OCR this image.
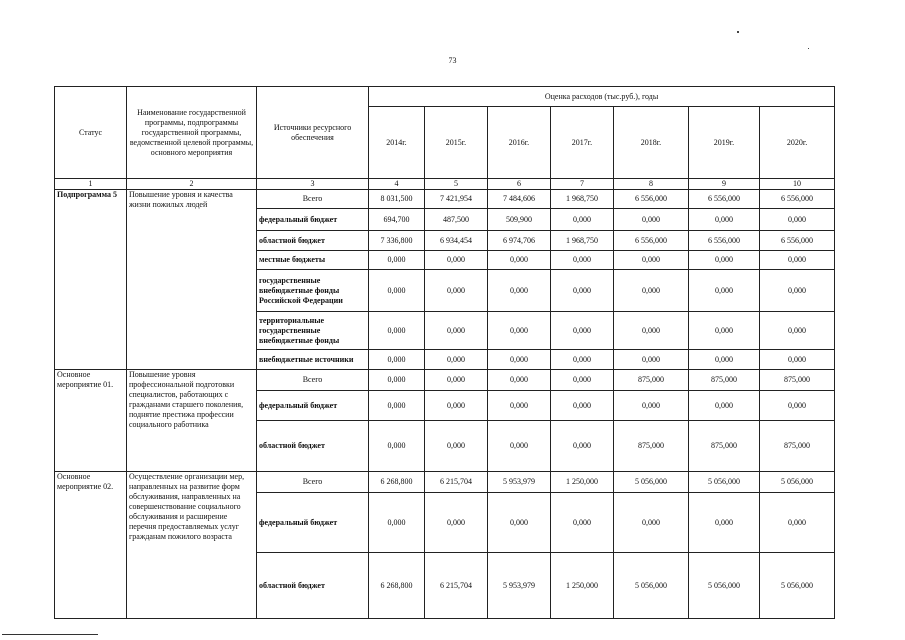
73
Статус	Наименование государственной программы, подпрограммы государственной программы, ведомственной целевой программы, основного мероприятия	Источники ресурсного обеспечения	Оценка расходов (тыс.руб.), годы						
			2014г.	2015г.	2016г.	2017г.	2018г.	2019г.	2020г.
1	2	3	4	5	6	7	8	9	10
Подпрограмма 5	Повышение уровня и качества жизни пожилых людей	Всего	8 031,500	7 421,954	7 484,606	1 968,750	6 556,000	6 556,000	6 556,000
		федеральный бюджет	694,700	487,500	509,900	0,000	0,000	0,000	0,000
		областной бюджет	7 336,800	6 934,454	6 974,706	1 968,750	6 556,000	6 556,000	6 556,000
		местные бюджеты	0,000	0,000	0,000	0,000	0,000	0,000	0,000
		государственные внебюджетные фонды Российской Федерации	0,000	0,000	0,000	0,000	0,000	0,000	0,000
		территориальные государственные внебюджетные фонды	0,000	0,000	0,000	0,000	0,000	0,000	0,000
		внебюджетные источники	0,000	0,000	0,000	0,000	0,000	0,000	0,000
Основное мероприятие 01.	Повышение уровня профессиональной подготовки специалистов, работающих с гражданами старшего поколения, поднятие престижа профессии социального работника	Всего	0,000	0,000	0,000	0,000	875,000	875,000	875,000
		федеральный бюджет	0,000	0,000	0,000	0,000	0,000	0,000	0,000
		областной бюджет	0,000	0,000	0,000	0,000	875,000	875,000	875,000
Основное мероприятие 02.	Осуществление организации мер, направленных на развитие форм обслуживания, направленных на совершенствование социального обслуживания и расширение перечня предоставляемых услуг гражданам пожилого возраста	Всего	6 268,800	6 215,704	5 953,979	1 250,000	5 056,000	5 056,000	5 056,000
		федеральный бюджет	0,000	0,000	0,000	0,000	0,000	0,000	0,000
		областной бюджет	6 268,800	6 215,704	5 953,979	1 250,000	5 056,000	5 056,000	5 056,000
